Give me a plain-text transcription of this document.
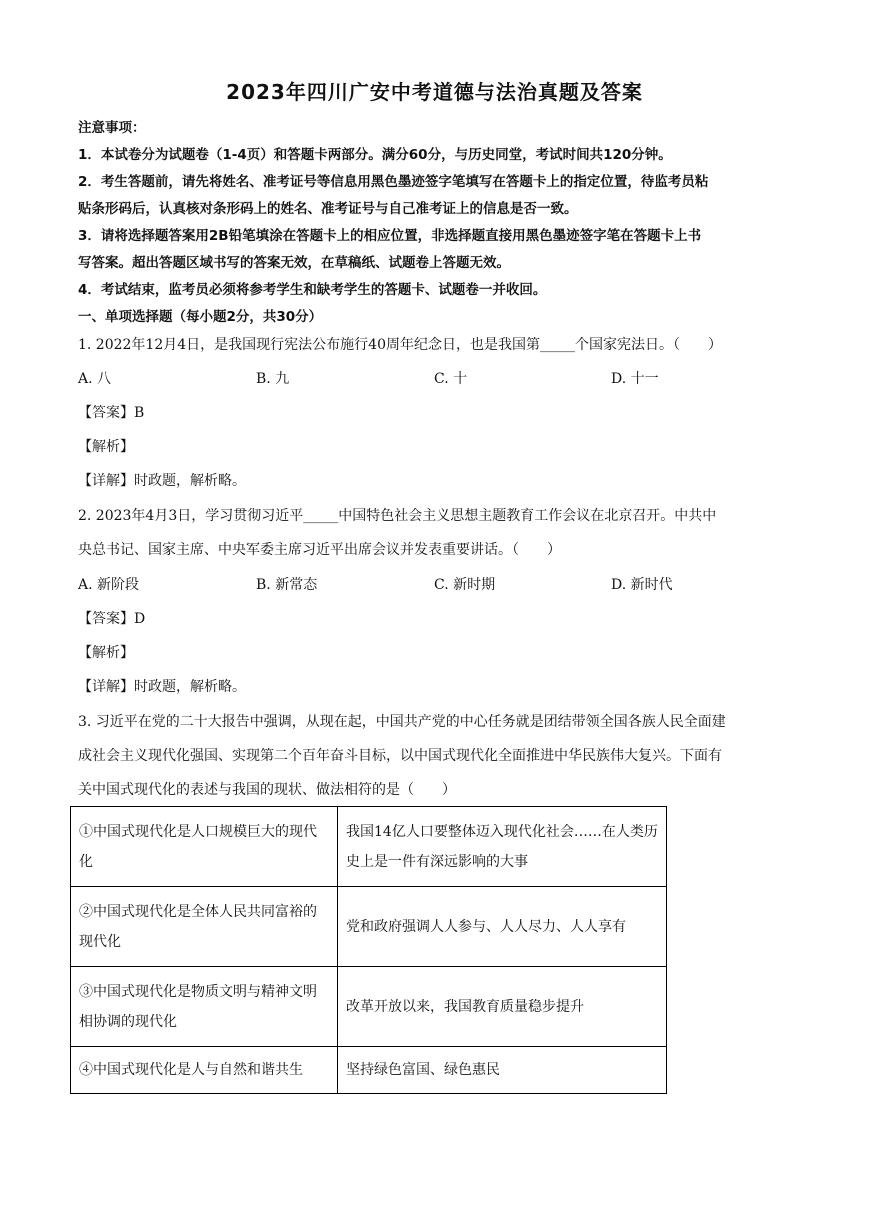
2023年四川广安中考道德与法治真题及答案
注意事项：
1．本试卷分为试题卷（1-4页）和答题卡两部分。满分60分，与历史同堂，考试时间共120分钟。
2．考生答题前，请先将姓名、准考证号等信息用黑色墨迹签字笔填写在答题卡上的指定位置，待监考员粘
贴条形码后，认真核对条形码上的姓名、准考证号与自己准考证上的信息是否一致。
3．请将选择题答案用2B铅笔填涂在答题卡上的相应位置，非选择题直接用黑色墨迹签字笔在答题卡上书
写答案。超出答题区域书写的答案无效，在草稿纸、试题卷上答题无效。
4．考试结束，监考员必须将参考学生和缺考学生的答题卡、试题卷一并收回。
一、单项选择题（每小题2分，共30分）
1. 2022年12月4日，是我国现行宪法公布施行40周年纪念日，也是我国第_____个国家宪法日。（　　）
A. 八	B. 九	C. 十	D. 十一
【答案】B
【解析】
【详解】时政题，解析略。
2. 2023年4月3日，学习贯彻习近平_____中国特色社会主义思想主题教育工作会议在北京召开。中共中
央总书记、国家主席、中央军委主席习近平出席会议并发表重要讲话。（　　）
A. 新阶段	B. 新常态	C. 新时期	D. 新时代
【答案】D
【解析】
【详解】时政题，解析略。
3. 习近平在党的二十大报告中强调，从现在起，中国共产党的中心任务就是团结带领全国各族人民全面建
成社会主义现代化强国、实现第二个百年奋斗目标，以中国式现代化全面推进中华民族伟大复兴。下面有
关中国式现代化的表述与我国的现状、做法相符的是（　　）
①中国式现代化是人口规模巨大的现代化	我国14亿人口要整体迈入现代化社会……在人类历史上是一件有深远影响的大事
②中国式现代化是全体人民共同富裕的现代化	党和政府强调人人参与、人人尽力、人人享有
③中国式现代化是物质文明与精神文明相协调的现代化	改革开放以来，我国教育质量稳步提升
④中国式现代化是人与自然和谐共生	坚持绿色富国、绿色惠民
